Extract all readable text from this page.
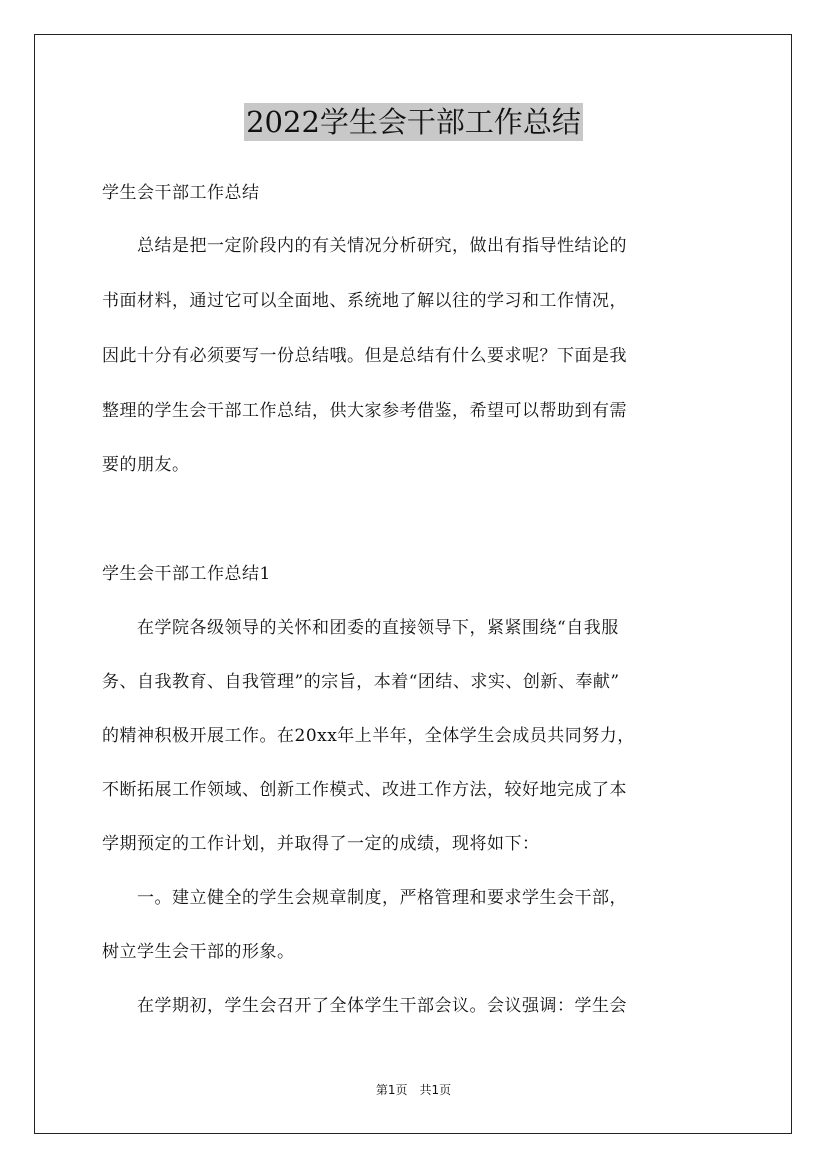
2022学生会干部工作总结
学生会干部工作总结
　　总结是把一定阶段内的有关情况分析研究，做出有指导性结论的
书面材料，通过它可以全面地、系统地了解以往的学习和工作情况，
因此十分有必须要写一份总结哦。但是总结有什么要求呢？下面是我
整理的学生会干部工作总结，供大家参考借鉴，希望可以帮助到有需
要的朋友。
学生会干部工作总结1
　　在学院各级领导的关怀和团委的直接领导下，紧紧围绕“自我服
务、自我教育、自我管理”的宗旨，本着“团结、求实、创新、奉献”
的精神积极开展工作。在20xx年上半年，全体学生会成员共同努力，
不断拓展工作领域、创新工作模式、改进工作方法，较好地完成了本
学期预定的工作计划，并取得了一定的成绩，现将如下：
　　一。建立健全的学生会规章制度，严格管理和要求学生会干部，
树立学生会干部的形象。
　　在学期初，学生会召开了全体学生干部会议。会议强调：学生会
第1页　共1页
